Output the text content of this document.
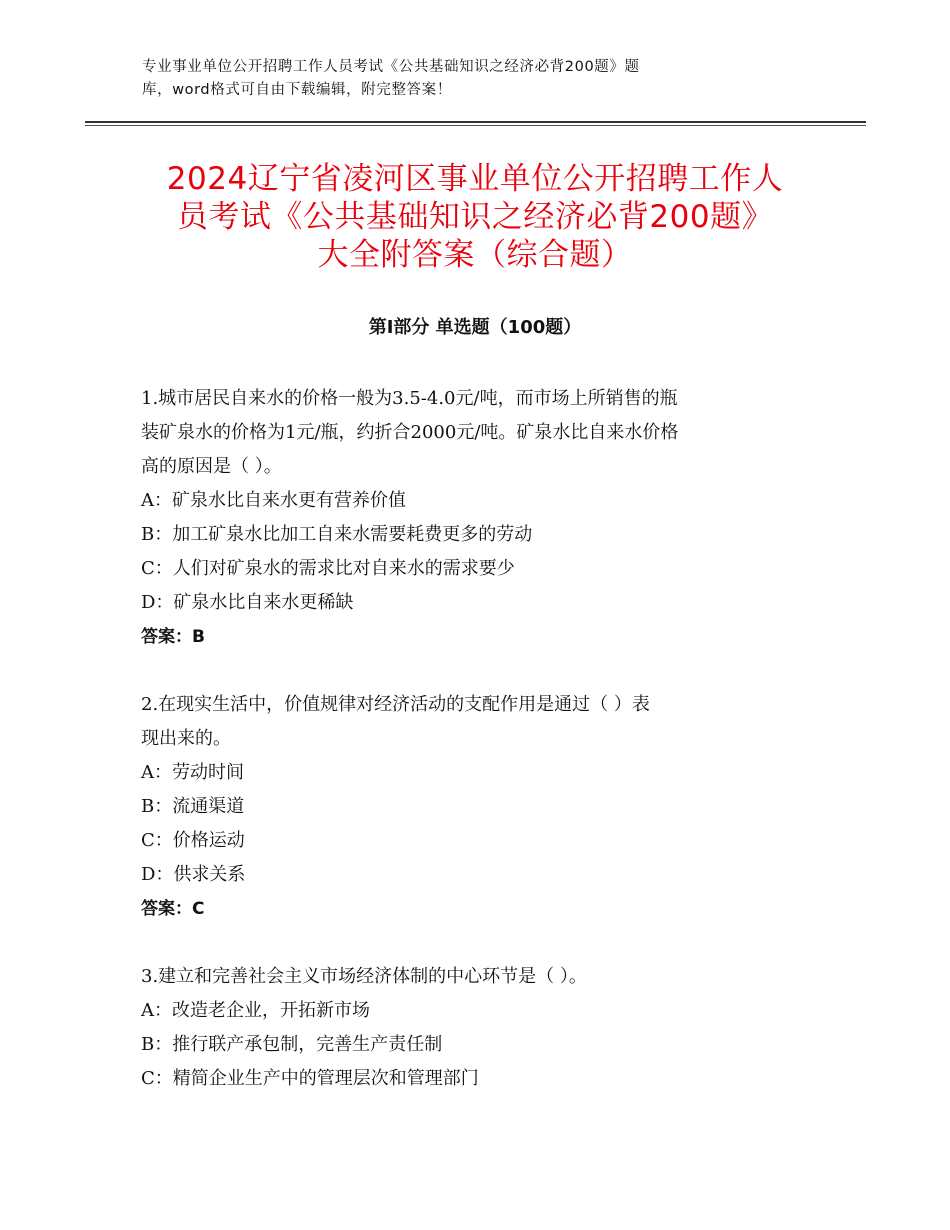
专业事业单位公开招聘工作人员考试《公共基础知识之经济必背200题》题
库，word格式可自由下载编辑，附完整答案！
2024辽宁省凌河区事业单位公开招聘工作人
员考试《公共基础知识之经济必背200题》
大全附答案（综合题）
第Ⅰ部分 单选题（100题）

1.城市居民自来水的价格一般为3.5-4.0元/吨，而市场上所销售的瓶

装矿泉水的价格为1元/瓶，约折合2000元/吨。矿泉水比自来水价格

高的原因是（ ）。

A：矿泉水比自来水更有营养价值

B：加工矿泉水比加工自来水需要耗费更多的劳动

C：人们对矿泉水的需求比对自来水的需求要少

D：矿泉水比自来水更稀缺

答案：B

2.在现实生活中，价值规律对经济活动的支配作用是通过（ ）表

现出来的。

A：劳动时间

B：流通渠道

C：价格运动

D：供求关系

答案：C

3.建立和完善社会主义市场经济体制的中心环节是（ ）。

A：改造老企业，开拓新市场

B：推行联产承包制，完善生产责任制

C：精简企业生产中的管理层次和管理部门
